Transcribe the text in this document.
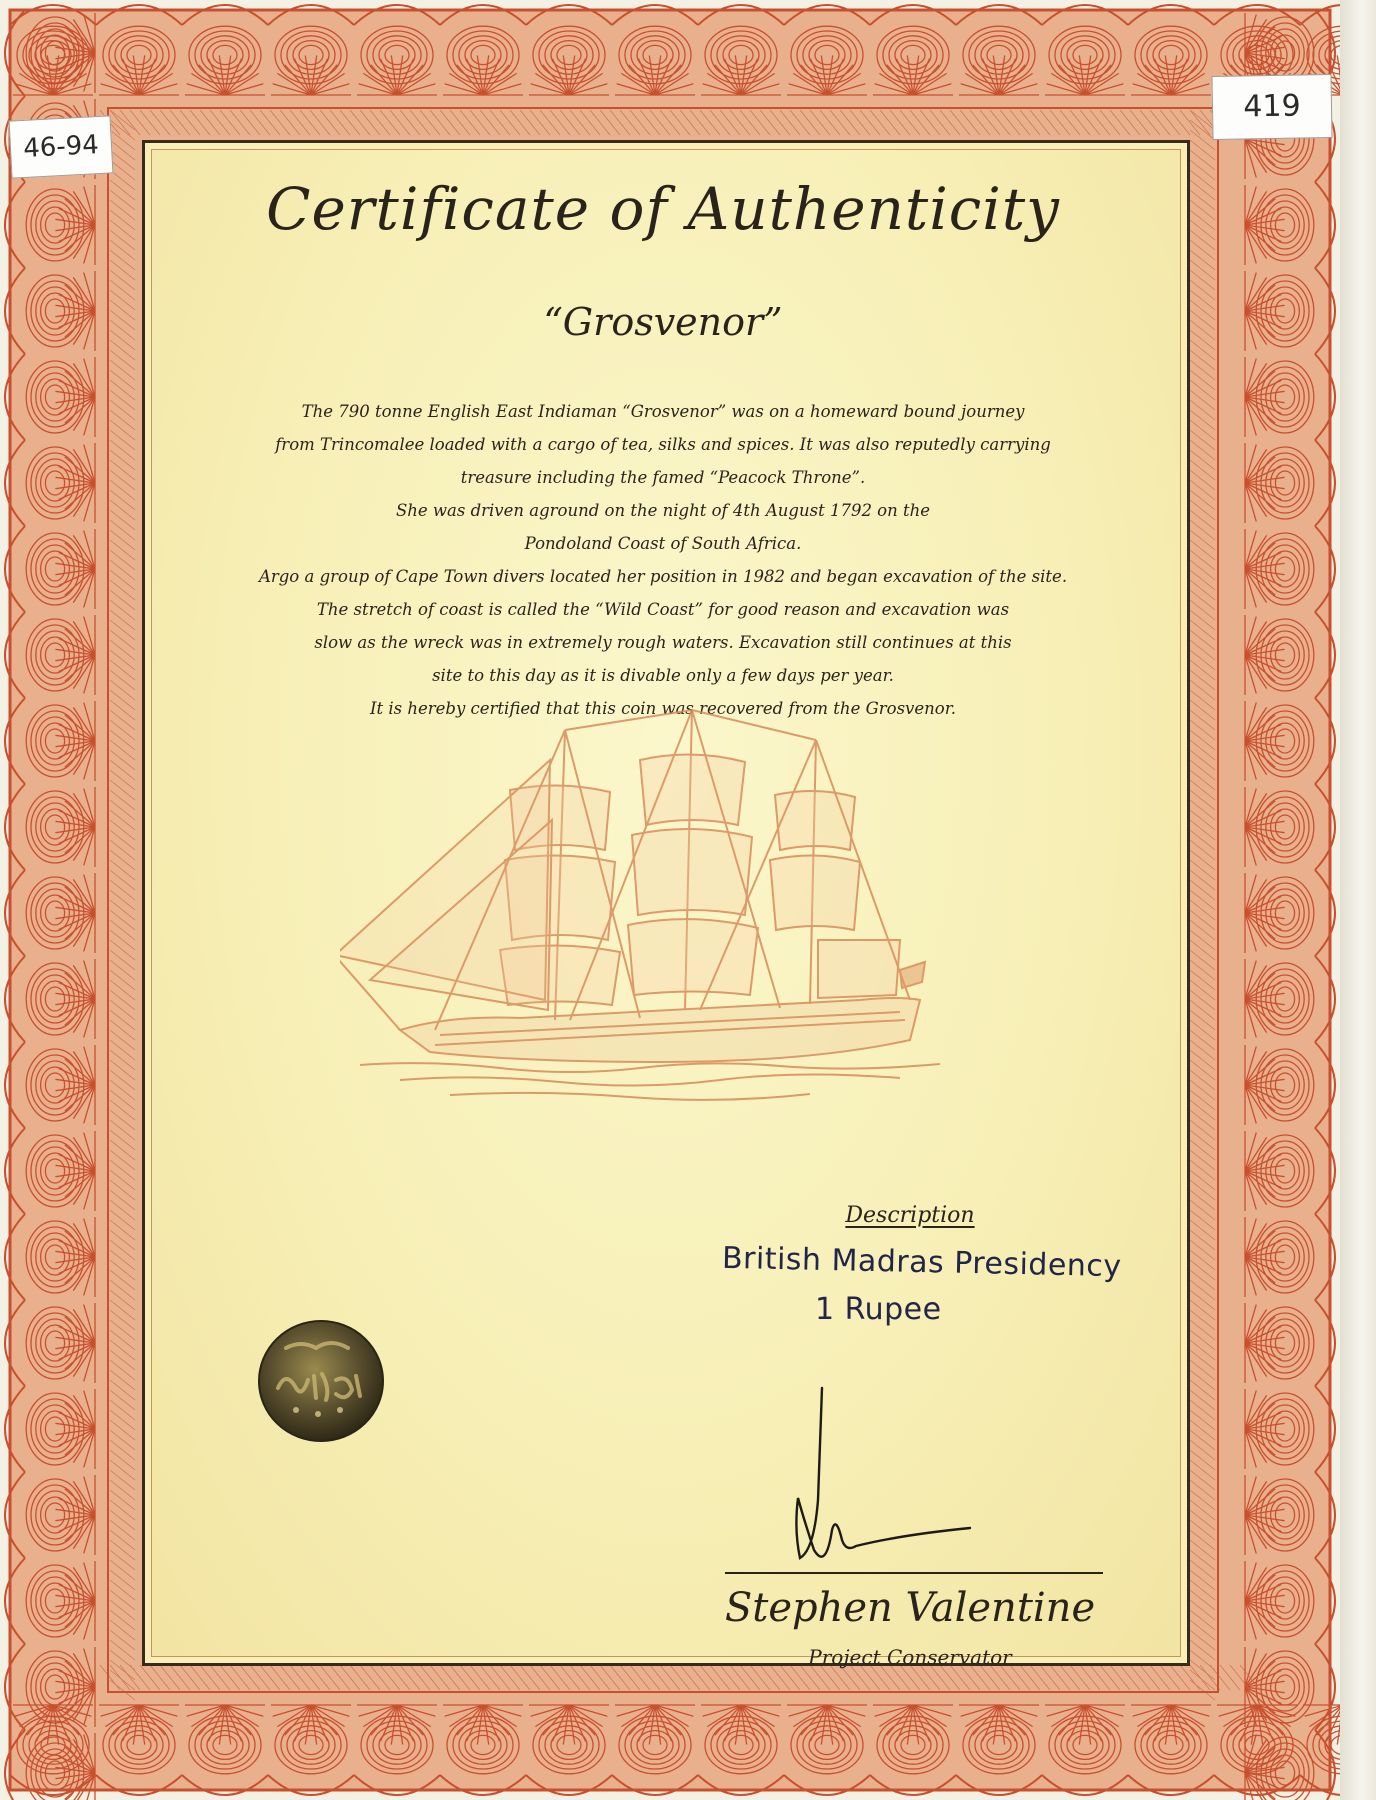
Certificate of Authenticity
“Grosvenor”
The 790 tonne English East Indiaman “Grosvenor” was on a homeward bound journey
from Trincomalee loaded with a cargo of tea, silks and spices. It was also reputedly carrying
treasure including the famed “Peacock Throne”.
She was driven aground on the night of 4th August 1792 on the
Pondoland Coast of South Africa.
Argo a group of Cape Town divers located her position in 1982 and began excavation of the site.
The stretch of coast is called the “Wild Coast” for good reason and excavation was
slow as the wreck was in extremely rough waters. Excavation still continues at this
site to this day as it is divable only a few days per year.
It is hereby certified that this coin was recovered from the Grosvenor.
Description
British Madras Presidency
1 Rupee
Stephen Valentine
Project Conservator
46-94
419
